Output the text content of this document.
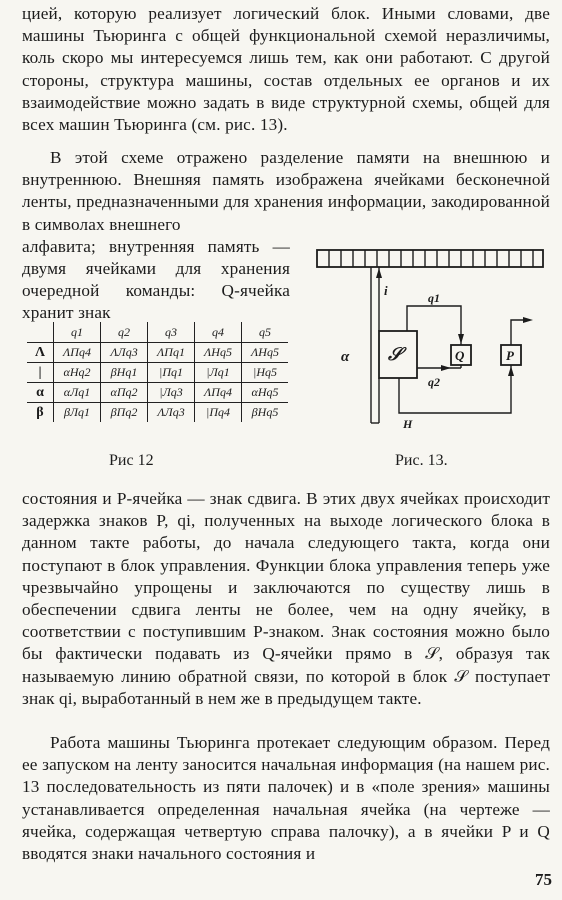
цией, которую реализует логический блок. Иными словами, две машины Тьюринга с общей функциональной схемой неразличимы, коль скоро мы интересуемся лишь тем, как они работают. С другой стороны, структура машины, состав отдельных ее органов и их взаимодействие можно задать в виде структурной схемы, общей для всех машин Тьюринга (см. рис. 13).

В этой схеме отражено разделение памяти на внешнюю и внутреннюю. Внешняя память изображена ячейками бесконечной ленты, предназначенными для хранения информации, закодированной в символах внешнего

алфавита; внутренняя память — двумя ячейками для хранения очередной команды: Q-ячейка хранит знак

	q1	q2	q3	q4	q5
Λ	ΛПq4	ΛЛq3	ΛПq1	ΛНq5	ΛНq5
|	αНq2	βНq1	|Пq1	|Лq1	|Нq5
α	αЛq1	αПq2	|Лq3	ΛПq4	αНq5
β	βЛq1	βПq2	ΛЛq3	|Пq4	βНq5
𝒮	Q	P
q1
q2
α
Н
i
Рис 12	Рис. 13.

состояния и P-ячейка — знак сдвига. В этих двух ячейках происходит задержка знаков P, qi, полученных на выходе логического блока в данном такте работы, до начала следующего такта, когда они поступают в блок управления. Функции блока управления теперь уже чрезвычайно упрощены и заключаются по существу лишь в обеспечении сдвига ленты не более, чем на одну ячейку, в соответствии с поступившим P-знаком. Знак состояния можно было бы фактически подавать из Q-ячейки прямо в 𝒮, образуя так называемую линию обратной связи, по которой в блок 𝒮 поступает знак qi, выработанный в нем же в предыдущем такте.

Работа машины Тьюринга протекает следующим образом. Перед ее запуском на ленту заносится начальная информация (на нашем рис. 13 последовательность из пяти палочек) и в «поле зрения» машины устанавливается определенная начальная ячейка (на чертеже — ячейка, содержащая четвертую справа палочку), а в ячейки P и Q вводятся знаки начального состояния и

75
